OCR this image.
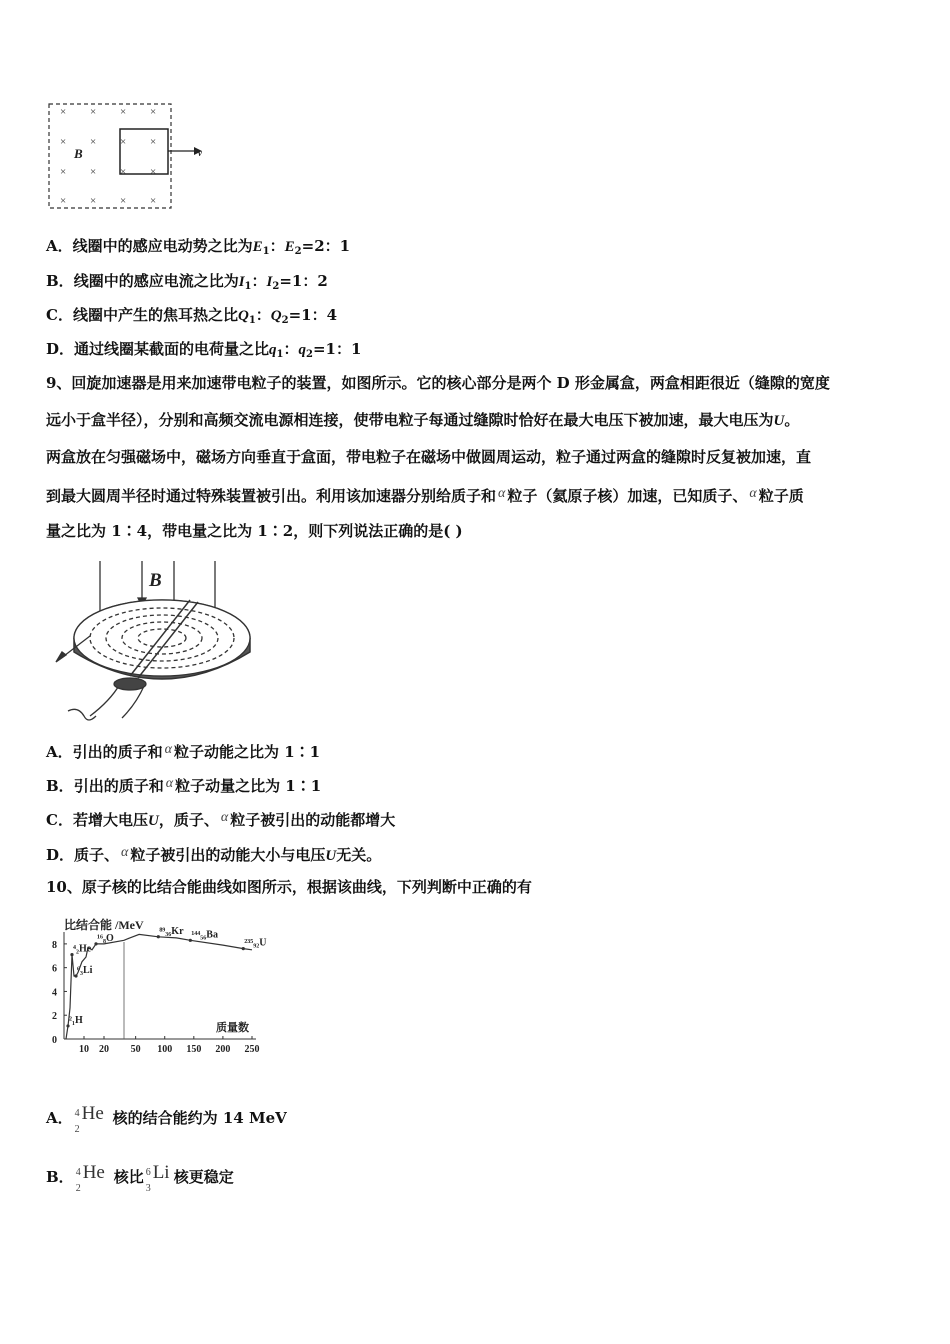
× × × ×
× × × ×
× × × ×
× × × ×
B	v
A．线圈中的感应电动势之比为$E_1$：$E_2=2$：1
B．线圈中的感应电流之比为$I_1$：$I_2=1$：2
C．线圈中产生的焦耳热之比$Q_1$：$Q_2=1$：4
D．通过线圈某截面的电荷量之比$q_1$：$q_2=1$：1
9、回旋加速器是用来加速带电粒子的装置，如图所示。它的核心部分是两个 D 形金属盒，两盒相距很近（缝隙的宽度
远小于盒半径），分别和高频交流电源相连接，使带电粒子每通过缝隙时恰好在最大电压下被加速，最大电压为U。
两盒放在匀强磁场中，磁场方向垂直于盒面，带电粒子在磁场中做圆周运动，粒子通过两盒的缝隙时反复被加速，直
到最大圆周半径时通过特殊装置被引出。利用该加速器分别给质子和 α 粒子（氦原子核）加速，已知质子、 α 粒子质
量之比为 1∶4，带电量之比为 1∶2，则下列说法正确的是( )
B
A．引出的质子和 α 粒子动能之比为 1∶1
B．引出的质子和 α 粒子动量之比为 1∶1
C．若增大电压U，质子、 α 粒子被引出的动能都增大
D．质子、 α 粒子被引出的动能大小与电压U无关。
10、原子核的比结合能曲线如图所示，根据该曲线，下列判断中正确的有
比结合能 /MeV
质量数
0
2
4
6
8
10 20 50 100 150 200 250
²₁H
⁴₂He
⁶₃Li
¹⁶₈O
⁸⁹₃₆Kr ¹⁴⁴₅₆Ba
²³⁵₉₂U
A． 4
2
He 核的结合能约为 14 MeV
B． 4
2
He 核比 6
3
Li 核更稳定
